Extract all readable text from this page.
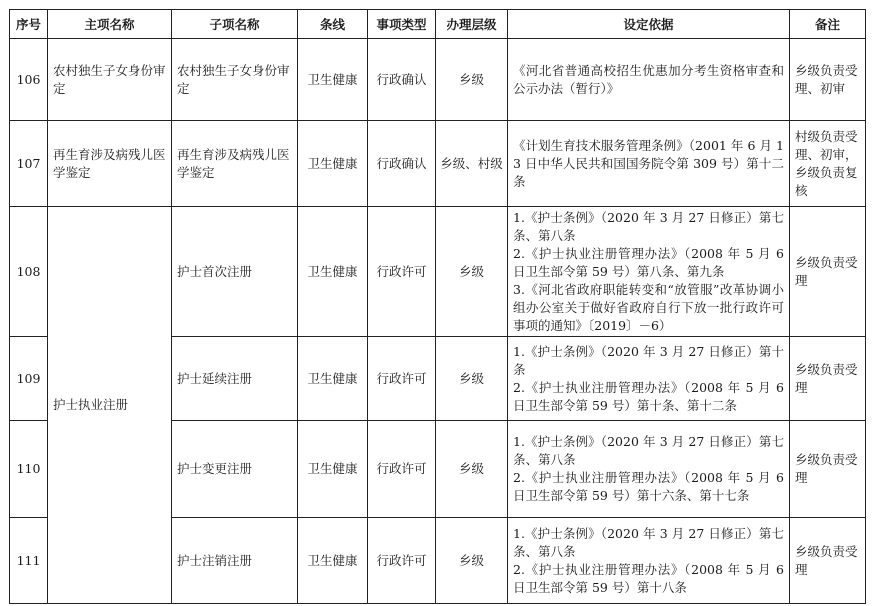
序号	主项名称	子项名称	条线	事项类型	办理层级	设定依据	备注
106	农村独生子女身份审定	农村独生子女身份审定	卫生健康	行政确认	乡级	《河北省普通高校招生优惠加分考生资格审查和公示办法（暂行）》	乡级负责受理、初审
107	再生育涉及病残儿医学鉴定	再生育涉及病残儿医学鉴定	卫生健康	行政确认	乡级、村级	《计划生育技术服务管理条例》（2001 年 6 月 13 日中华人民共和国国务院令第 309 号）第十二条	村级负责受理、初审，乡级负责复核
108	护士执业注册	护士首次注册	卫生健康	行政许可	乡级	1.《护士条例》（2020 年 3 月 27 日修正）第七条、第八条
2.《护士执业注册管理办法》（2008 年 5 月 6 日卫生部令第 59 号）第八条、第九条
3.《河北省政府职能转变和“放管服”改革协调小组办公室关于做好省政府自行下放一批行政许可事项的通知》〔2019〕－6）	乡级负责受理
109		护士延续注册	卫生健康	行政许可	乡级	1.《护士条例》（2020 年 3 月 27 日修正）第十条
2.《护士执业注册管理办法》（2008 年 5 月 6 日卫生部令第 59 号）第十条、第十二条	乡级负责受理
110		护士变更注册	卫生健康	行政许可	乡级	1.《护士条例》（2020 年 3 月 27 日修正）第七条、第八条
2.《护士执业注册管理办法》（2008 年 5 月 6 日卫生部令第 59 号）第十六条、第十七条	乡级负责受理
111		护士注销注册	卫生健康	行政许可	乡级	1.《护士条例》（2020 年 3 月 27 日修正）第七条、第八条
2.《护士执业注册管理办法》（2008 年 5 月 6 日卫生部令第 59 号）第十八条	乡级负责受理
